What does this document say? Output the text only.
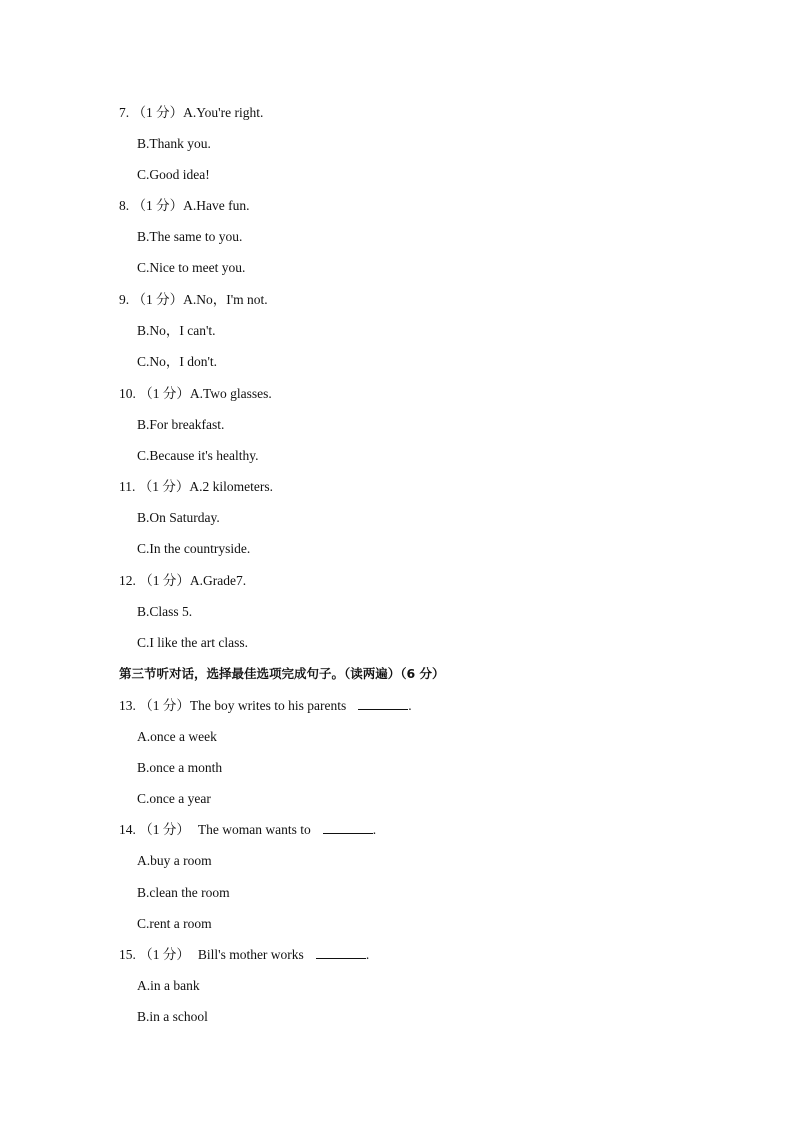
7. （1 分）A.You're right.
B.Thank you.
C.Good idea!
8. （1 分）A.Have fun.
B.The same to you.
C.Nice to meet you.
9. （1 分）A.No，I'm not.
B.No，I can't.
C.No，I don't.
10. （1 分）A.Two glasses.
B.For breakfast.
C.Because it's healthy.
11. （1 分）A.2 kilometers.
B.On Saturday.
C.In the countryside.
12. （1 分）A.Grade7.
B.Class 5.
C.I like the art class.
第三节听对话，选择最佳选项完成句子。（读两遍）（6 分）
13. （1 分）The boy writes to his parents	.
A.once a week
B.once a month
C.once a year
14. （1 分） The woman wants to	.
A.buy a room
B.clean the room
C.rent a room
15. （1 分） Bill's mother works	.
A.in a bank
B.in a school
